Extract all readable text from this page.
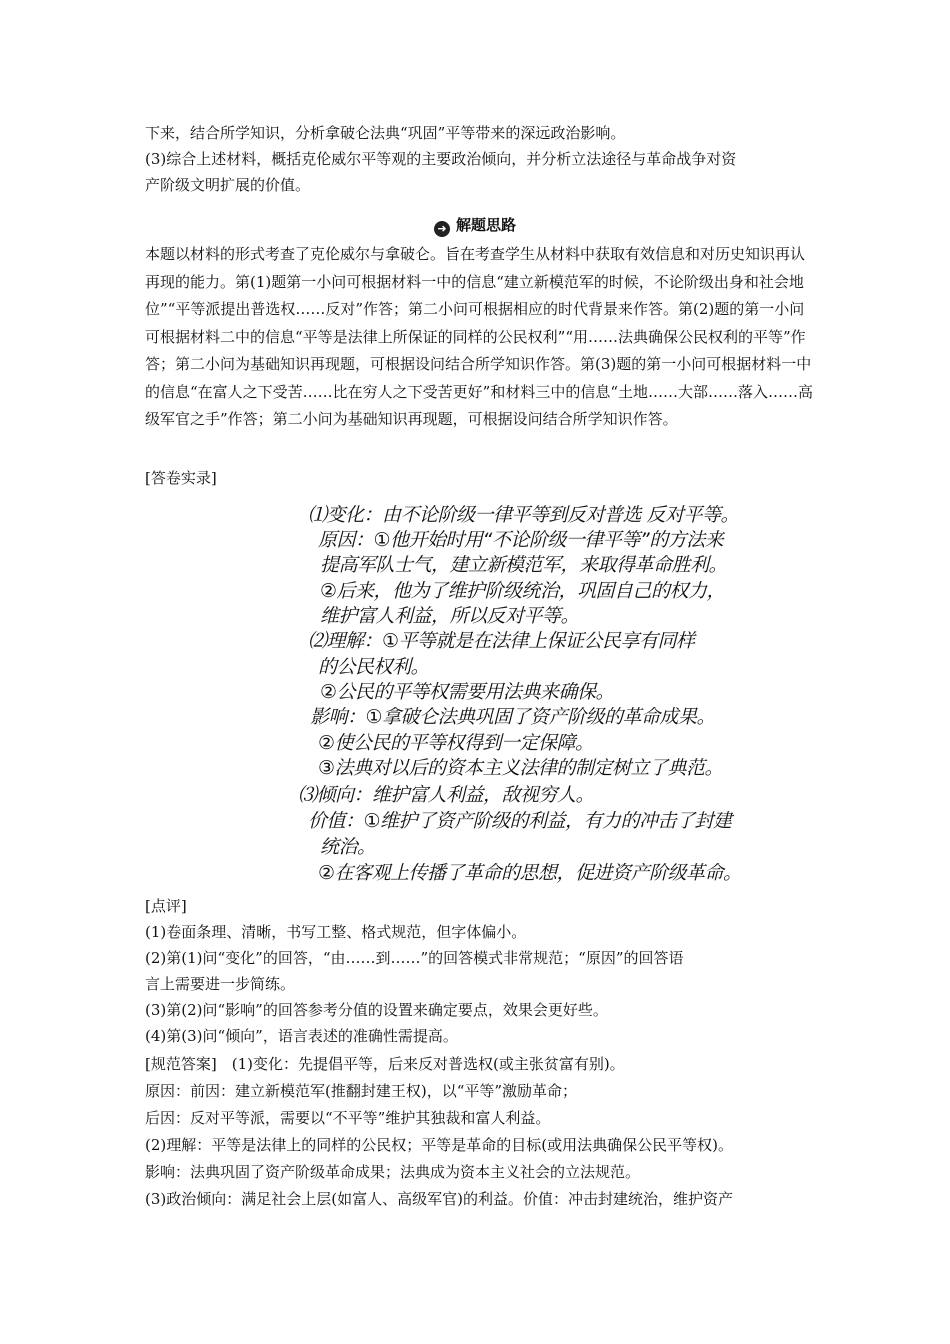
下来，结合所学知识，分析拿破仑法典“巩固”平等带来的深远政治影响。
(3)综合上述材料，概括克伦威尔平等观的主要政治倾向，并分析立法途径与革命战争对资
产阶级文明扩展的价值。
➜ 解题思路

本题以材料的形式考查了克伦威尔与拿破仑。旨在考查学生从材料中获取有效信息和对历史知识再认再现的能力。第(1)题第一小问可根据材料一中的信息“建立新模范军的时候，不论阶级出身和社会地位”“平等派提出普选权……反对”作答；第二小问可根据相应的时代背景来作答。第(2)题的第一小问可根据材料二中的信息“平等是法律上所保证的同样的公民权利”“用……法典确保公民权利的平等”作答；第二小问为基础知识再现题，可根据设问结合所学知识作答。第(3)题的第一小问可根据材料一中的信息“在富人之下受苦……比在穷人之下受苦更好”和材料三中的信息“土地……大部……落入……高级军官之手”作答；第二小问为基础知识再现题，可根据设问结合所学知识作答。

[答卷实录]
⑴变化：由不论阶级一律平等到反对普选 反对平等。
原因：①他开始时用“不论阶级一律平等”的方法来
提高军队士气，建立新模范军，来取得革命胜利。
②后来，他为了维护阶级统治，巩固自己的权力，
维护富人利益，所以反对平等。
⑵理解：①平等就是在法律上保证公民享有同样
的公民权利。
②公民的平等权需要用法典来确保。
影响：①拿破仑法典巩固了资产阶级的革命成果。
②使公民的平等权得到一定保障。
③法典对以后的资本主义法律的制定树立了典范。
⑶倾向：维护富人利益，敌视穷人。
价值：①维护了资产阶级的利益，有力的冲击了封建
统治。
②在客观上传播了革命的思想，促进资产阶级革命。
[点评]
(1)卷面条理、清晰，书写工整、格式规范，但字体偏小。
(2)第(1)问“变化”的回答，“由……到……”的回答模式非常规范；“原因”的回答语
言上需要进一步简练。
(3)第(2)问“影响”的回答参考分值的设置来确定要点，效果会更好些。
(4)第(3)问“倾向”，语言表述的准确性需提高。
[规范答案]　(1)变化：先提倡平等，后来反对普选权(或主张贫富有别)。
原因：前因：建立新模范军(推翻封建王权)，以“平等”激励革命；
后因：反对平等派，需要以“不平等”维护其独裁和富人利益。
(2)理解：平等是法律上的同样的公民权；平等是革命的目标(或用法典确保公民平等权)。
影响：法典巩固了资产阶级革命成果；法典成为资本主义社会的立法规范。
(3)政治倾向：满足社会上层(如富人、高级军官)的利益。价值：冲击封建统治，维护资产
